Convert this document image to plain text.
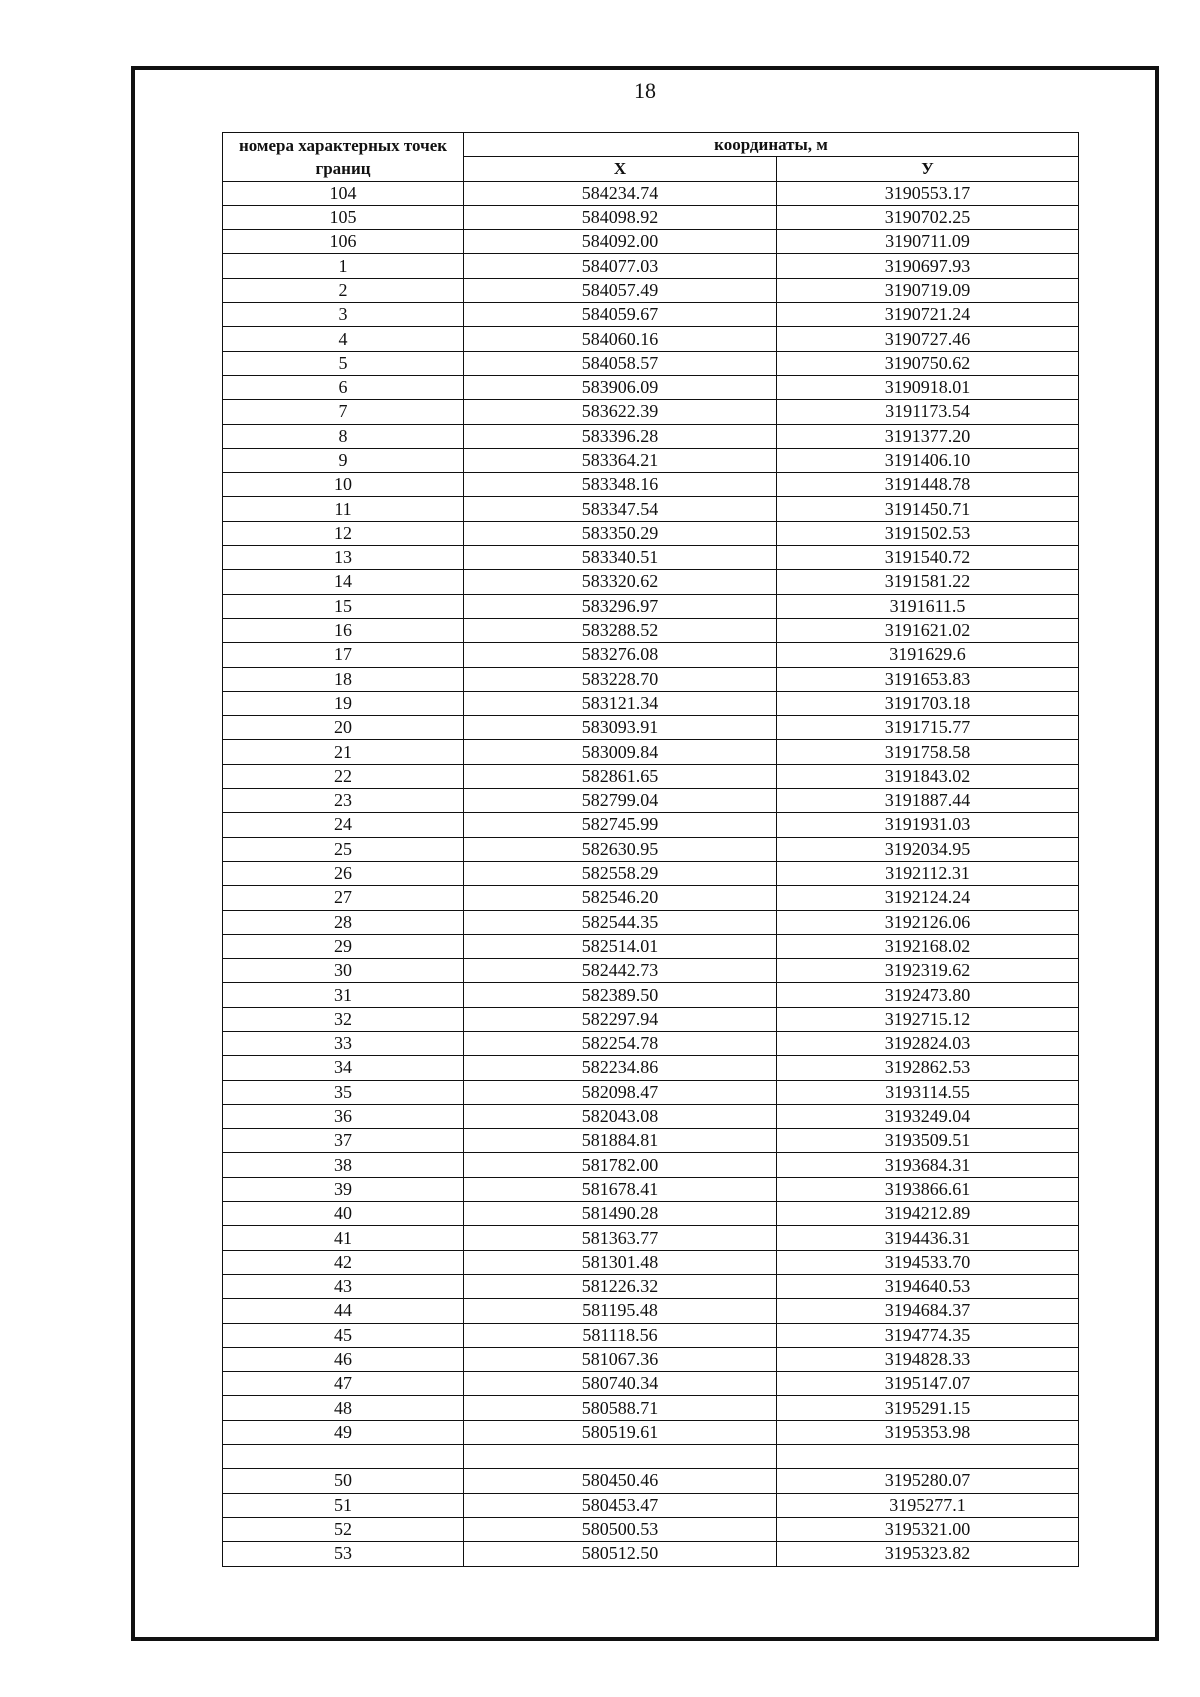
18
номера характерных точек границ	координаты, м	
	Х	У
104	584234.74	3190553.17
105	584098.92	3190702.25
106	584092.00	3190711.09
1	584077.03	3190697.93
2	584057.49	3190719.09
3	584059.67	3190721.24
4	584060.16	3190727.46
5	584058.57	3190750.62
6	583906.09	3190918.01
7	583622.39	3191173.54
8	583396.28	3191377.20
9	583364.21	3191406.10
10	583348.16	3191448.78
11	583347.54	3191450.71
12	583350.29	3191502.53
13	583340.51	3191540.72
14	583320.62	3191581.22
15	583296.97	3191611.5
16	583288.52	3191621.02
17	583276.08	3191629.6
18	583228.70	3191653.83
19	583121.34	3191703.18
20	583093.91	3191715.77
21	583009.84	3191758.58
22	582861.65	3191843.02
23	582799.04	3191887.44
24	582745.99	3191931.03
25	582630.95	3192034.95
26	582558.29	3192112.31
27	582546.20	3192124.24
28	582544.35	3192126.06
29	582514.01	3192168.02
30	582442.73	3192319.62
31	582389.50	3192473.80
32	582297.94	3192715.12
33	582254.78	3192824.03
34	582234.86	3192862.53
35	582098.47	3193114.55
36	582043.08	3193249.04
37	581884.81	3193509.51
38	581782.00	3193684.31
39	581678.41	3193866.61
40	581490.28	3194212.89
41	581363.77	3194436.31
42	581301.48	3194533.70
43	581226.32	3194640.53
44	581195.48	3194684.37
45	581118.56	3194774.35
46	581067.36	3194828.33
47	580740.34	3195147.07
48	580588.71	3195291.15
49	580519.61	3195353.98

50	580450.46	3195280.07
51	580453.47	3195277.1
52	580500.53	3195321.00
53	580512.50	3195323.82
